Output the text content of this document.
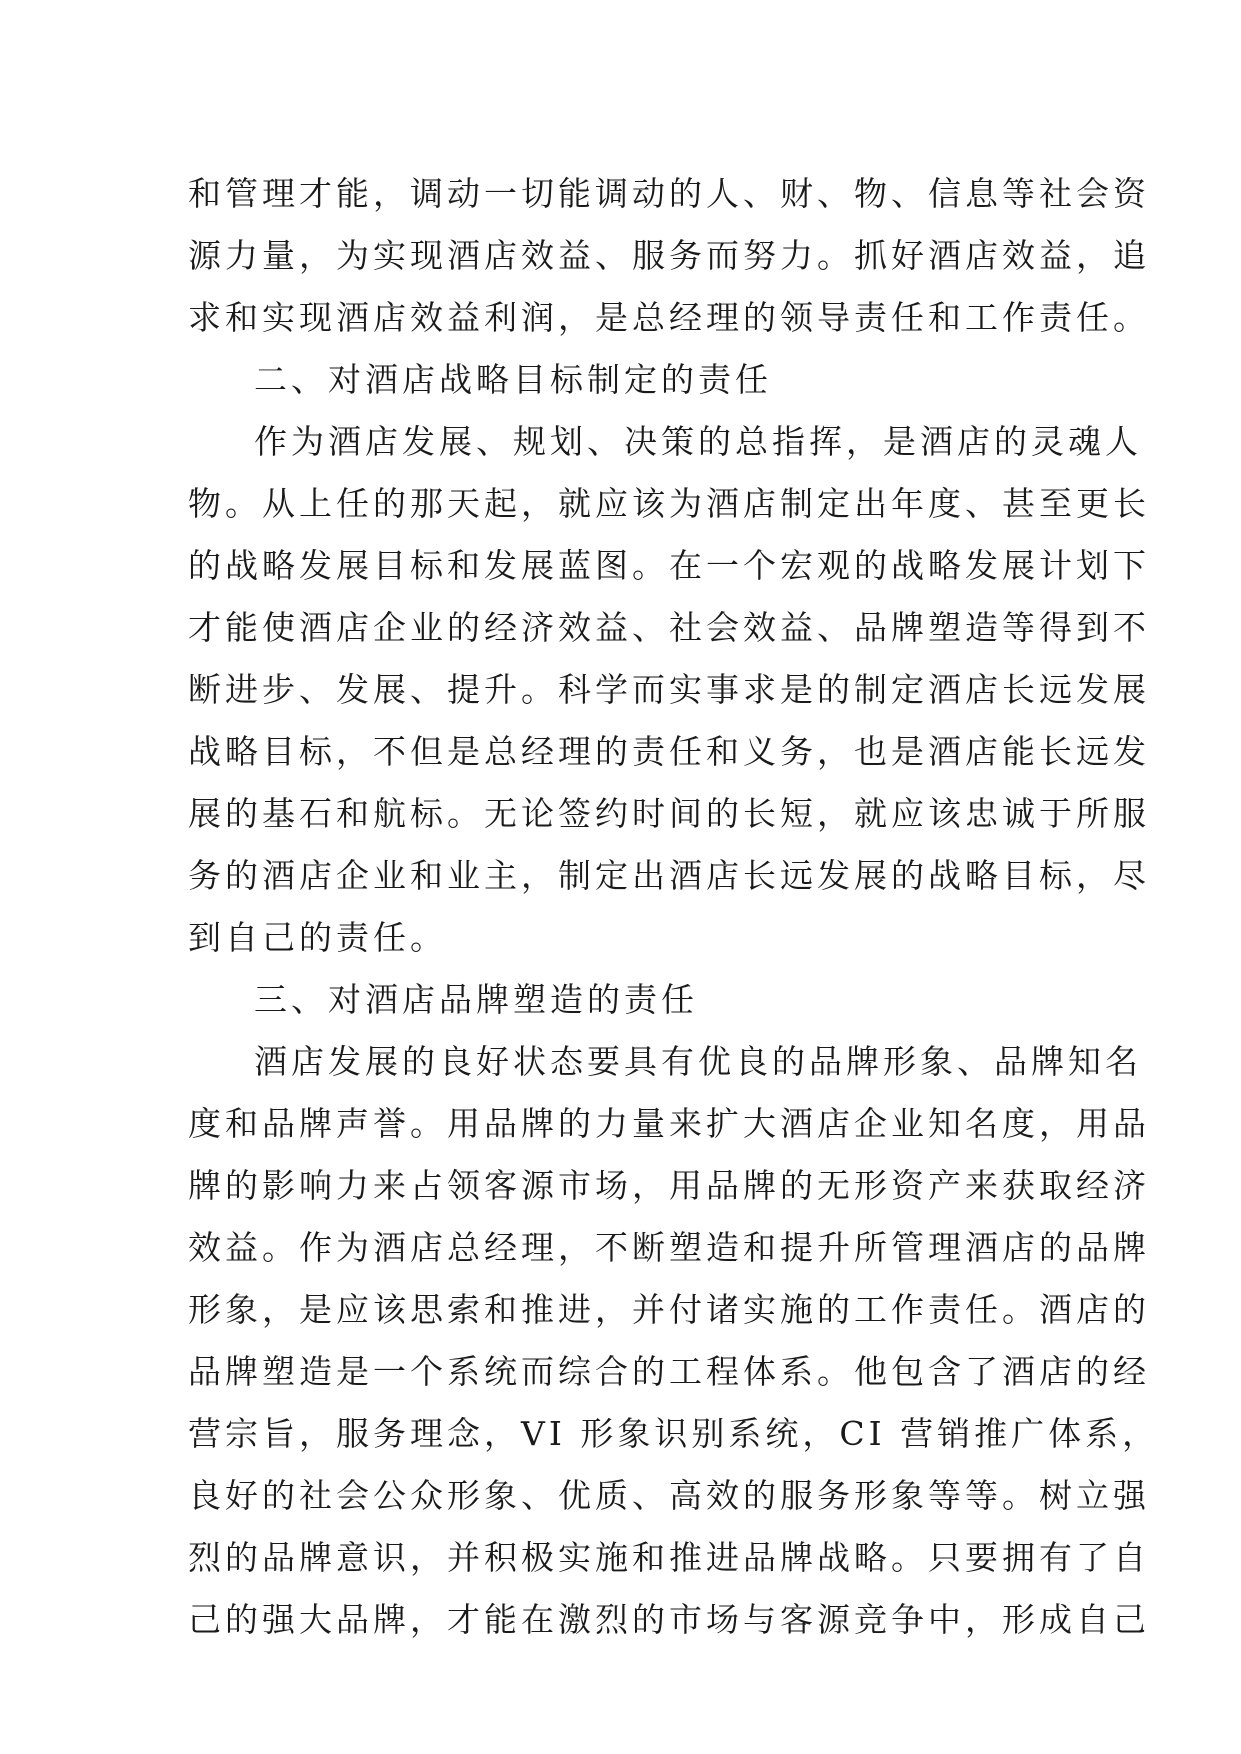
和管理才能，调动一切能调动的人、财、物、信息等社会资
源力量，为实现酒店效益、服务而努力。抓好酒店效益，追
求和实现酒店效益利润，是总经理的领导责任和工作责任。
二、对酒店战略目标制定的责任
作为酒店发展、规划、决策的总指挥，是酒店的灵魂人
物。从上任的那天起，就应该为酒店制定出年度、甚至更长
的战略发展目标和发展蓝图。在一个宏观的战略发展计划下
才能使酒店企业的经济效益、社会效益、品牌塑造等得到不
断进步、发展、提升。科学而实事求是的制定酒店长远发展
战略目标，不但是总经理的责任和义务，也是酒店能长远发
展的基石和航标。无论签约时间的长短，就应该忠诚于所服
务的酒店企业和业主，制定出酒店长远发展的战略目标，尽
到自己的责任。
三、对酒店品牌塑造的责任
酒店发展的良好状态要具有优良的品牌形象、品牌知名
度和品牌声誉。用品牌的力量来扩大酒店企业知名度，用品
牌的影响力来占领客源市场，用品牌的无形资产来获取经济
效益。作为酒店总经理，不断塑造和提升所管理酒店的品牌
形象，是应该思索和推进，并付诸实施的工作责任。酒店的
品牌塑造是一个系统而综合的工程体系。他包含了酒店的经
营宗旨，服务理念，VI 形象识别系统，CI 营销推广体系，
良好的社会公众形象、优质、高效的服务形象等等。树立强
烈的品牌意识，并积极实施和推进品牌战略。只要拥有了自
己的强大品牌，才能在激烈的市场与客源竞争中，形成自己
